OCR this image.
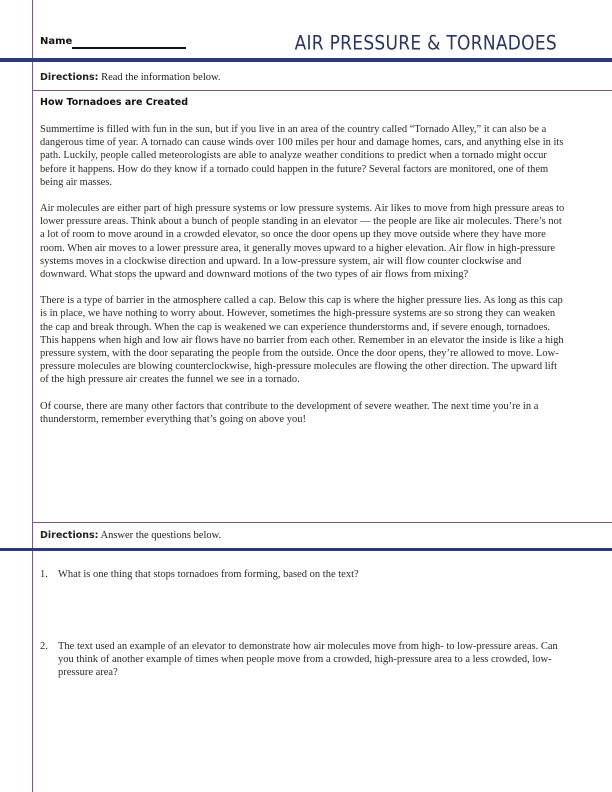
Name	AIR PRESSURE & TORNADOES
Directions: Read the information below.
How Tornadoes are Created

Summertime is filled with fun in the sun, but if you live in an area of the country called “Tornado Alley,” it can also be a dangerous time of year. A tornado can cause winds over 100 miles per hour and damage homes, cars, and anything else in its path. Luckily, people called meteorologists are able to analyze weather conditions to predict when a tornado might occur before it happens. How do they know if a tornado could happen in the future? Several factors are monitored, one of them being air masses.

Air molecules are either part of high pressure systems or low pressure systems. Air likes to move from high pressure areas to lower pressure areas. Think about a bunch of people standing in an elevator — the people are like air molecules. There’s not a lot of room to move around in a crowded elevator, so once the door opens up they move outside where they have more room. When air moves to a lower pressure area, it generally moves upward to a higher elevation. Air flow in high-pressure systems moves in a clockwise direction and upward. In a low-pressure system, air will flow counter clockwise and downward. What stops the upward and downward motions of the two types of air flows from mixing?

There is a type of barrier in the atmosphere called a cap. Below this cap is where the higher pressure lies. As long as this cap is in place, we have nothing to worry about. However, sometimes the high-pressure systems are so strong they can weaken the cap and break through. When the cap is weakened we can experience thunderstorms and, if severe enough, tornadoes. This happens when high and low air flows have no barrier from each other. Remember in an elevator the inside is like a high pressure system, with the door separating the people from the outside. Once the door opens, they’re allowed to move. Low-pressure molecules are blowing counterclockwise, high-pressure molecules are flowing the other direction. The upward lift of the high pressure air creates the funnel we see in a tornado.

Of course, there are many other factors that contribute to the development of severe weather. The next time you’re in a thunderstorm, remember everything that’s going on above you!

Directions: Answer the questions below.
1. What is one thing that stops tornadoes from forming, based on the text?
2. The text used an example of an elevator to demonstrate how air molecules move from high- to low-pressure areas. Can you think of another example of times when people move from a crowded, high-pressure area to a less crowded, low-pressure area?
